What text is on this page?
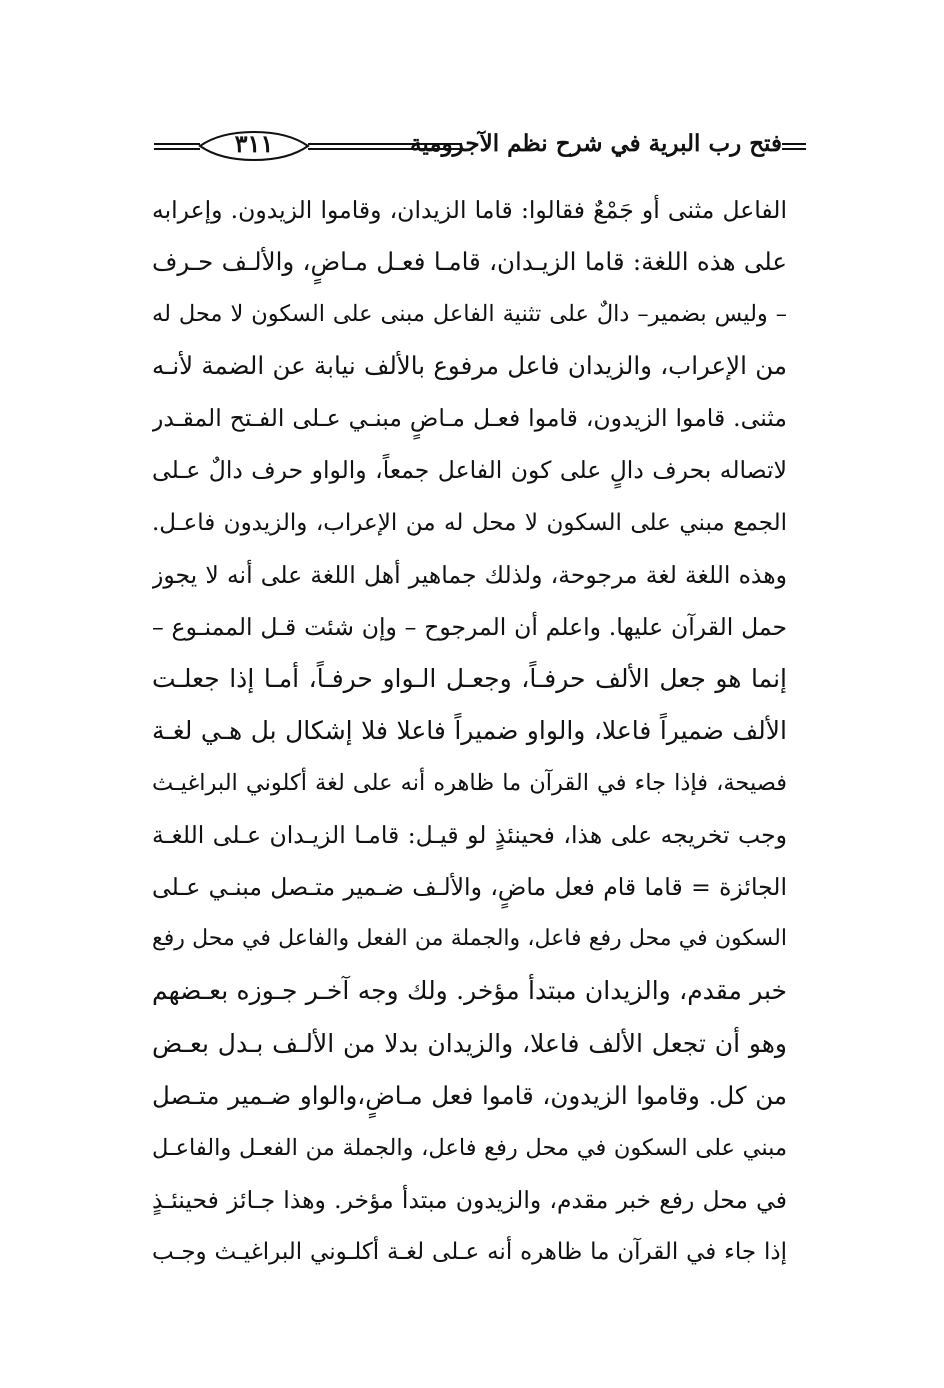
٣١١	فتح رب البرية في شرح نظم الآجرومية
الفاعل مثنى أو جَمْعٌ فقالوا: قاما الزيدان، وقاموا الزيدون. وإعرابه
على هذه اللغة: قاما الزيـدان، قامـا فعـل مـاضٍ، والألـف حـرف
– وليس بضمير– دالٌ على تثنية الفاعل مبنى على السكون لا محل له
من الإعراب، والزيدان فاعل مرفوع بالألف نيابة عن الضمة لأنـه
مثنى. قاموا الزيدون، قاموا فعـل مـاضٍ مبنـي عـلى الفـتح المقـدر
لاتصاله بحرف دالٍ على كون الفاعل جمعاً، والواو حرف دالٌ عـلى
الجمع مبني على السكون لا محل له من الإعراب، والزيدون فاعـل.
وهذه اللغة لغة مرجوحة، ولذلك جماهير أهل اللغة على أنه لا يجوز
حمل القرآن عليها. واعلم أن المرجوح – وإن شئت قـل الممنـوع –
إنما هو جعل الألف حرفـاً، وجعـل الـواو حرفـاً، أمـا إذا جعلـت
الألف ضميراً فاعلا، والواو ضميراً فاعلا فلا إشكال بل هـي لغـة
فصيحة، فإذا جاء في القرآن ما ظاهره أنه على لغة أكلوني البراغيـث
وجب تخريجه على هذا، فحينئذٍ لو قيـل: قامـا الزيـدان عـلى اللغـة
الجائزة = قاما قام فعل ماضٍ، والألـف ضـمير متـصل مبنـي عـلى
السكون في محل رفع فاعل، والجملة من الفعل والفاعل في محل رفع
خبر مقدم، والزيدان مبتدأ مؤخر. ولك وجه آخـر جـوزه بعـضهم
وهو أن تجعل الألف فاعلا، والزيدان بدلا من الألـف بـدل بعـض
من كل. وقاموا الزيدون، قاموا فعل مـاضٍ،والواو ضـمير متـصل
مبني على السكون في محل رفع فاعل، والجملة من الفعـل والفاعـل
في محل رفع خبر مقدم، والزيدون مبتدأ مؤخر. وهذا جـائز فحينئـذٍ
إذا جاء في القرآن ما ظاهره أنه عـلى لغـة أكلـوني البراغيـث وجـب
